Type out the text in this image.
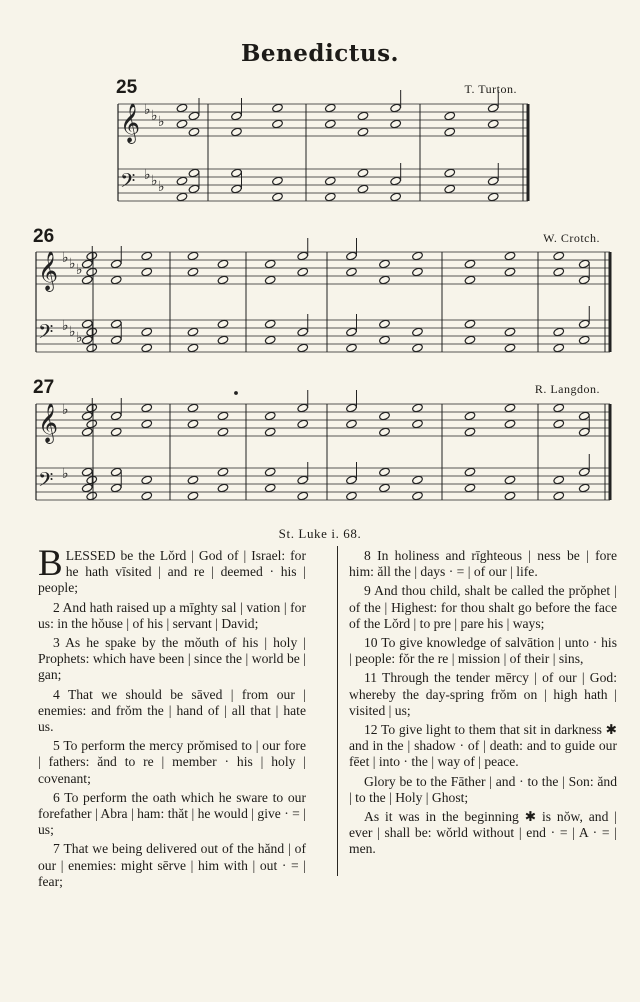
Benedictus.
25	T. Turton.
26	W. Crotch.
27	R. Langdon.
𝄞 ♭ ♭ ♭
𝄢 ♭ ♭ ♭
𝄞 ♭ ♭ ♭
𝄢 ♭ ♭ ♭
𝄞 ♭
𝄢 ♭
St. Luke i. 68.

BLESSED be the Lŏrd | God of | Israel: for he hath vīsited | and re | deemed · his | people;

2 And hath raised up a mīghty sal | vation | for us: in the hŏuse | of his | servant | David;

3 As he spake by the mŏuth of his | holy | Prophets: which have been | since the | world be | gan;

4 That we should be sāved | from our | enemies: and frŏm the | hand of | all that | hate us.

5 To perform the mercy prŏmised to | our fore | fathers: ănd to re | member · his | holy | covenant;

6 To perform the oath which he sware to our forefather | Abra | ham: thăt | he would | give · = | us;

7 That we being delivered out of the hănd | of our | enemies: might sērve | him with | out · = | fear;

8 In holiness and rīghteous | ness be | fore him: ăll the | days · = | of our | life.

9 And thou child, shalt be called the prŏphet | of the | Highest: for thou shalt go before the face of the Lŏrd | to pre | pare his | ways;

10 To give knowledge of salvātion | unto · his | people: fŏr the re | mission | of their | sins,

11 Through the tender mērcy | of our | God: whereby the day-spring frŏm on | high hath | visited | us;

12 To give light to them that sit in darkness ✱ and in the | shadow · of | death: and to guide our fēet | into · the | way of | peace.

Glory be to the Fāther | and · to the | Son: ănd | to the | Holy | Ghost;

As it was in the beginning ✱ is nŏw, and | ever | shall be: wŏrld without | end · = | A · = | men.
